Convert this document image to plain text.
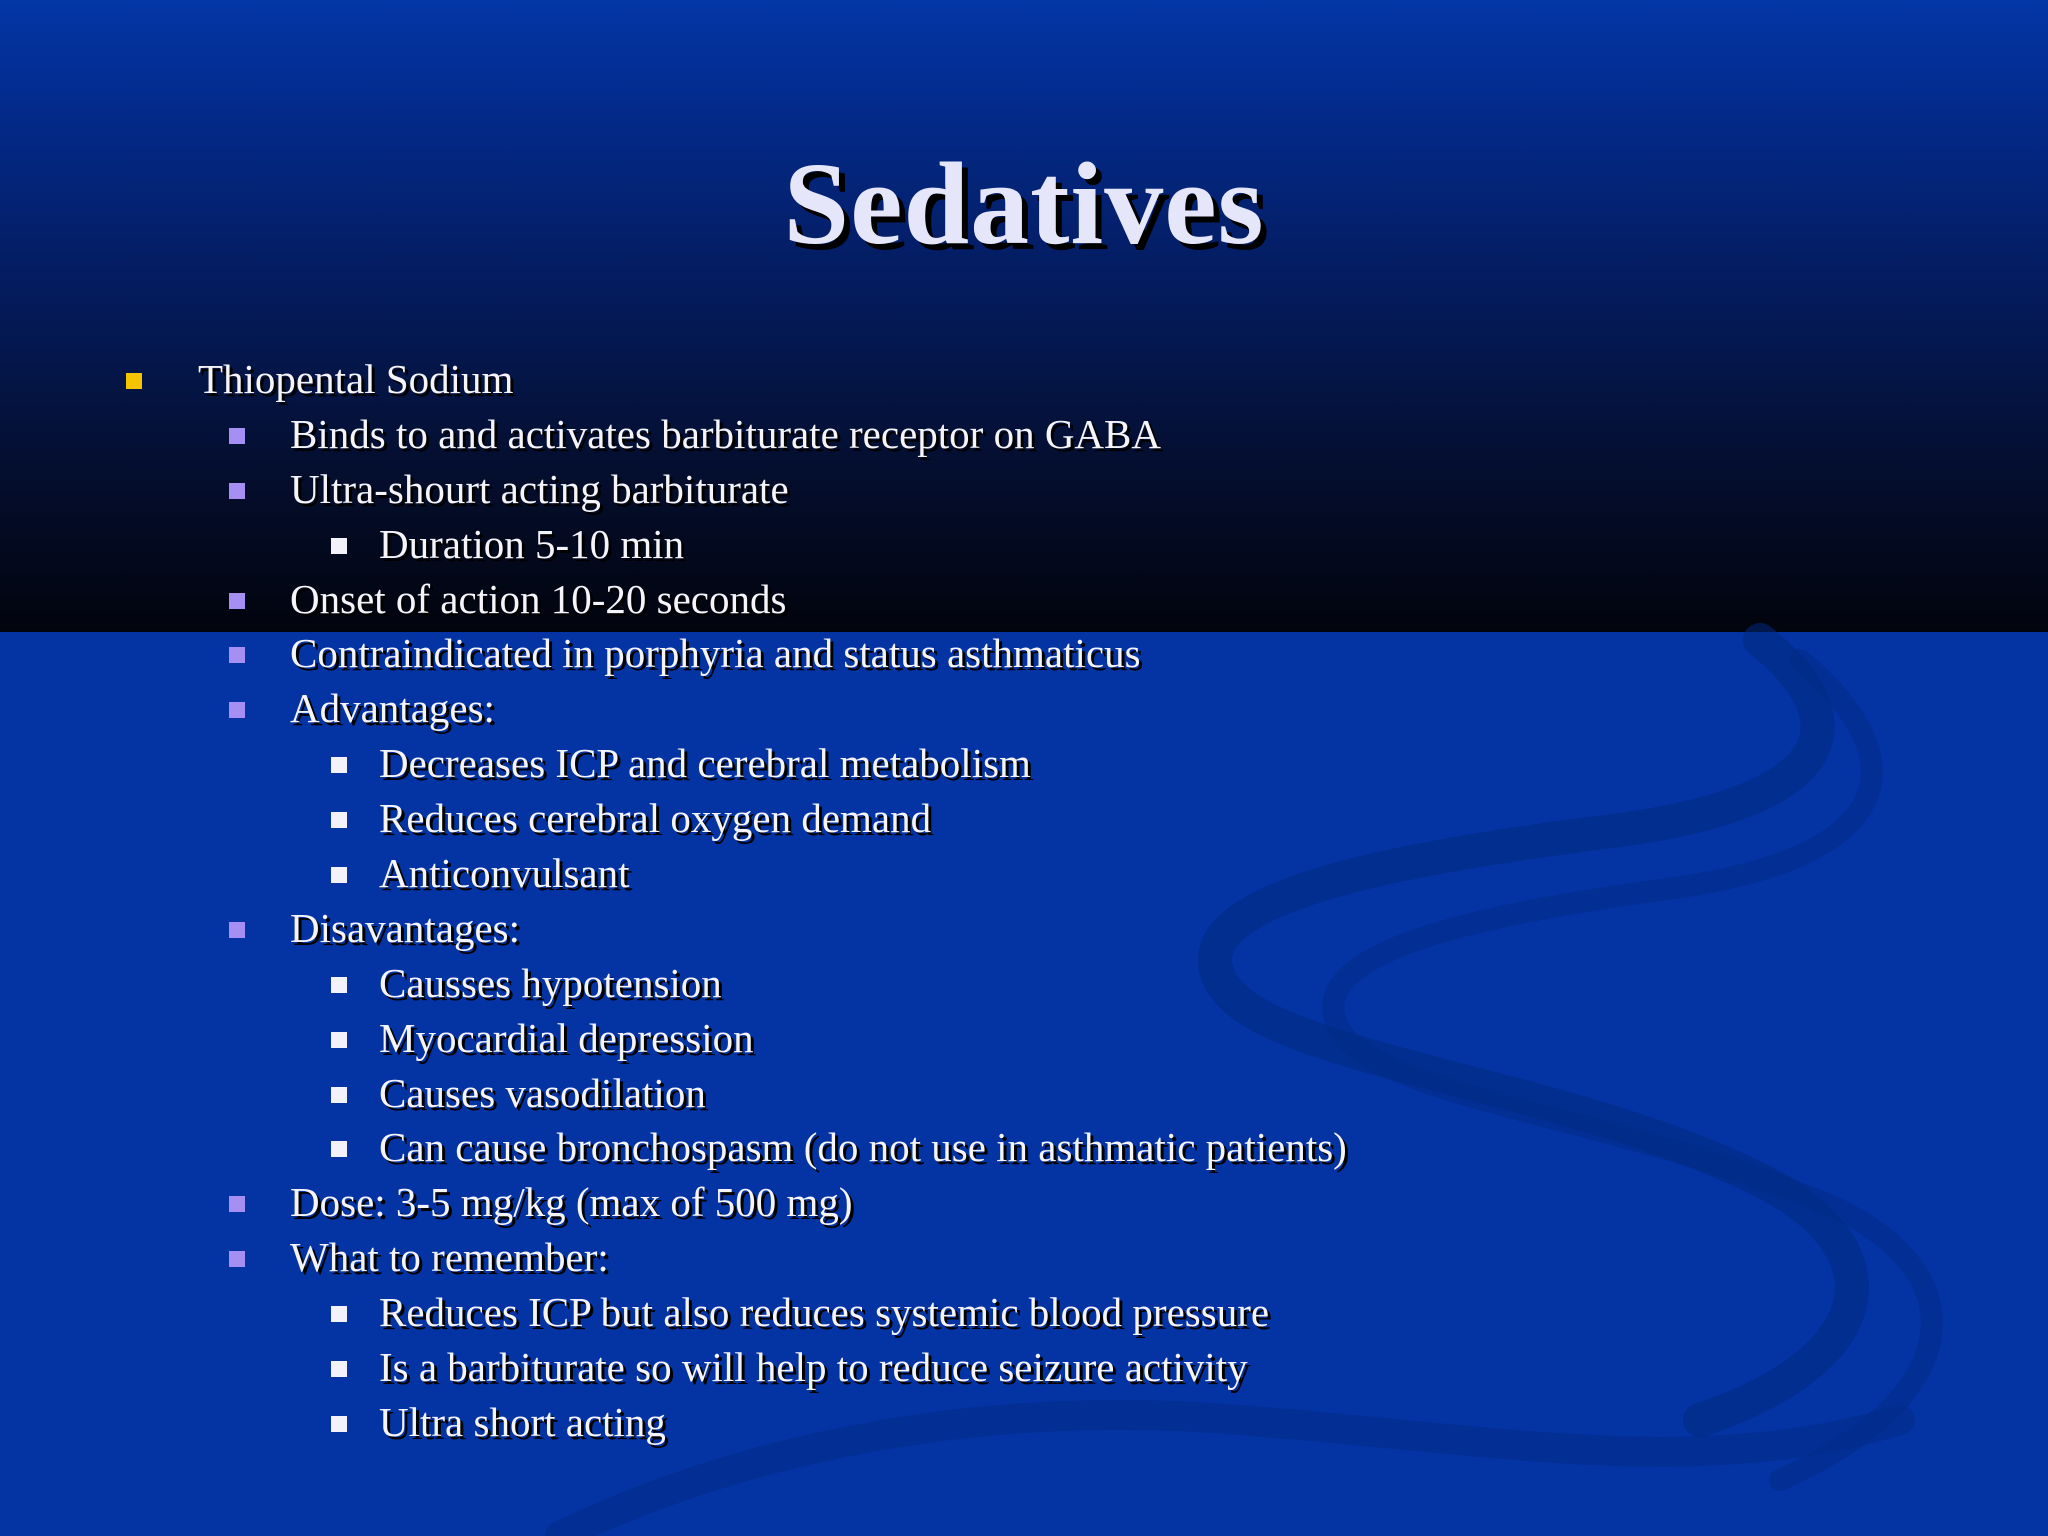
Sedatives
Thiopental Sodium
Binds to and activates barbiturate receptor on GABA
Ultra-shourt acting barbiturate
Duration 5-10 min
Onset of action 10-20 seconds
Contraindicated in porphyria and status asthmaticus
Advantages:
Decreases ICP and cerebral metabolism
Reduces cerebral oxygen demand
Anticonvulsant
Disavantages:
Causses hypotension
Myocardial depression
Causes vasodilation
Can cause bronchospasm (do not use in asthmatic patients)
Dose: 3-5 mg/kg (max of 500 mg)
What to remember:
Reduces ICP but also reduces systemic blood pressure
Is a barbiturate so will help to reduce seizure activity
Ultra short acting
